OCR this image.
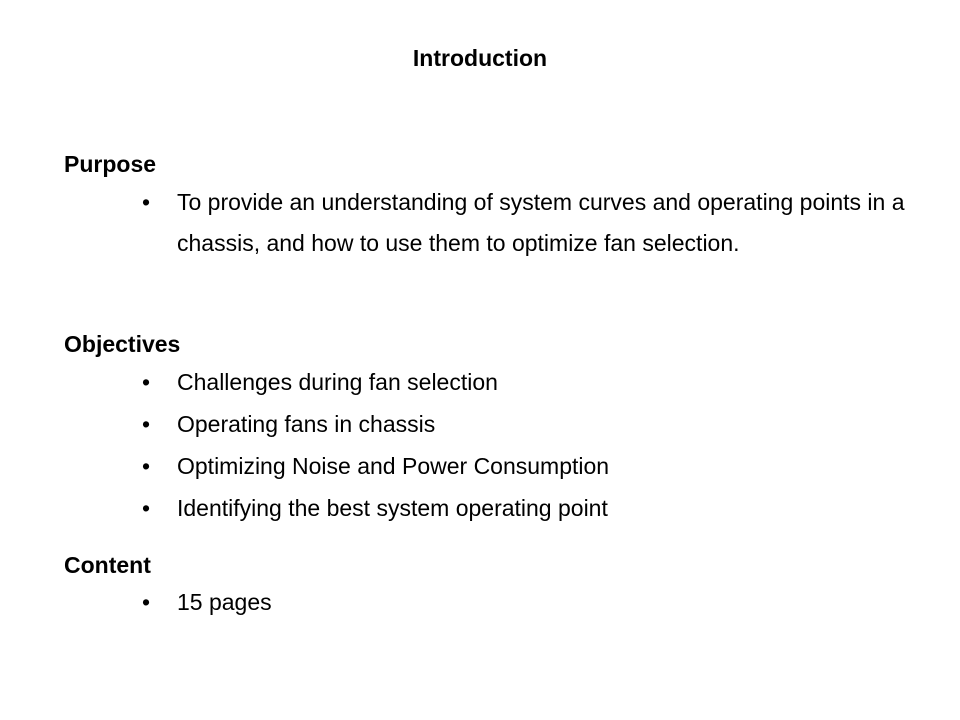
Introduction
Purpose
• To provide an understanding of system curves and operating points in a chassis, and how to use them to optimize fan selection.
Objectives
• Challenges during fan selection
• Operating fans in chassis
• Optimizing Noise and Power Consumption
• Identifying the best system operating point
Content
• 15 pages
